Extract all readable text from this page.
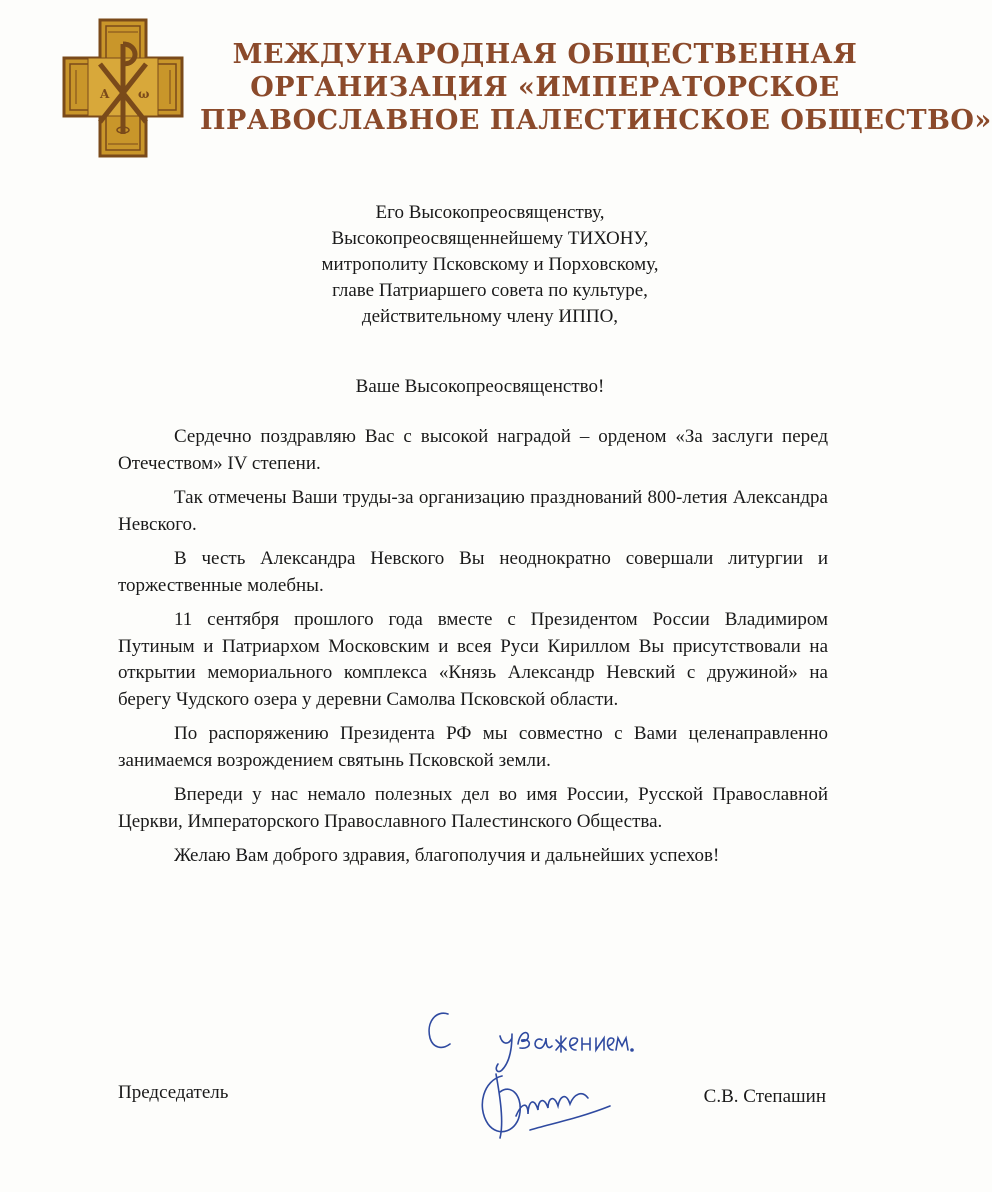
A ω
МЕЖДУНАРОДНАЯ ОБЩЕСТВЕННАЯ
ОРГАНИЗАЦИЯ «ИМПЕРАТОРСКОЕ
ПРАВОСЛАВНОЕ ПАЛЕСТИНСКОЕ ОБЩЕСТВО»
Его Высокопреосвященству,
Высокопреосвященнейшему ТИХОНУ,
митрополиту Псковскому и Порховскому,
главе Патриаршего совета по культуре,
действительному члену ИППО,
Ваше Высокопреосвященство!

Сердечно поздравляю Вас с высокой наградой – орденом «За заслуги перед Отечеством» IV степени.

Так отмечены Ваши труды-за организацию празднований 800-летия Александра Невского.

В честь Александра Невского Вы неоднократно совершали литургии и торжественные молебны.

11 сентября прошлого года вместе с Президентом России Владимиром Путиным и Патриархом Московским и всея Руси Кириллом Вы присутствовали на открытии мемориального комплекса «Князь Александр Невский с дружиной» на берегу Чудского озера у деревни Самолва Псковской области.

По распоряжению Президента РФ мы совместно с Вами целенаправленно занимаемся возрождением святынь Псковской земли.

Впереди у нас немало полезных дел во имя России, Русской Православной Церкви, Императорского Православного Палестинского Общества.

Желаю Вам доброго здравия, благополучия и дальнейших успехов!

Председатель	С.В. Степашин
